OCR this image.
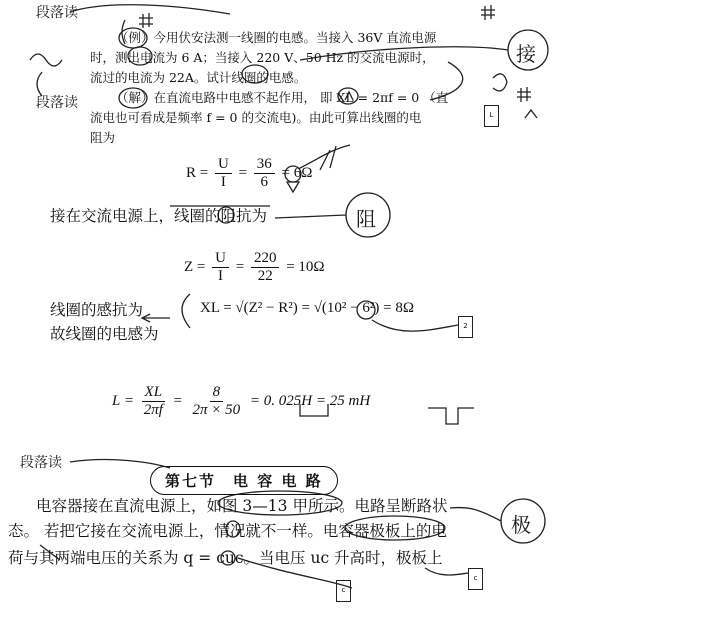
段落读
段落读
段落读
接
阻
极
L
2
c
c
（例）今用伏安法测一线圈的电感。当接入 36V 直流电源
时，测出电流为 6 A；当接入 220 V、50 Hz 的交流电源时，
流过的电流为 22A。试计线圈的电感。
（解）在直流电路中电感不起作用， 即 XL = 2πf = 0 （直
流电也可看成是频率 f = 0 的交流电)。由此可算出线圈的电
阻为
$R = \frac{U}{I} = \frac{36}{6} = 6\Omega$
接在交流电源上，线圈的阻抗为
$Z = \frac{U}{I} = \frac{220}{22} = 10\Omega$
线圈的感抗为
故线圈的电感为
XL = √(Z² − R²) = √(10² − 6²) = 8Ω
$L = \frac{XL}{2\pi f} = \frac{8}{2\pi \times 50} = 0$. 025H = 25 mH
第七节　电 容 电 路
电容器接在直流电源上，如图 3—13 甲所示。电路呈断路状
态。 若把它接在交流电源上，情况就不一样。电容器极板上的电
荷与其两端电压的关系为 q = cuc。当电压 uc 升高时，极板上
